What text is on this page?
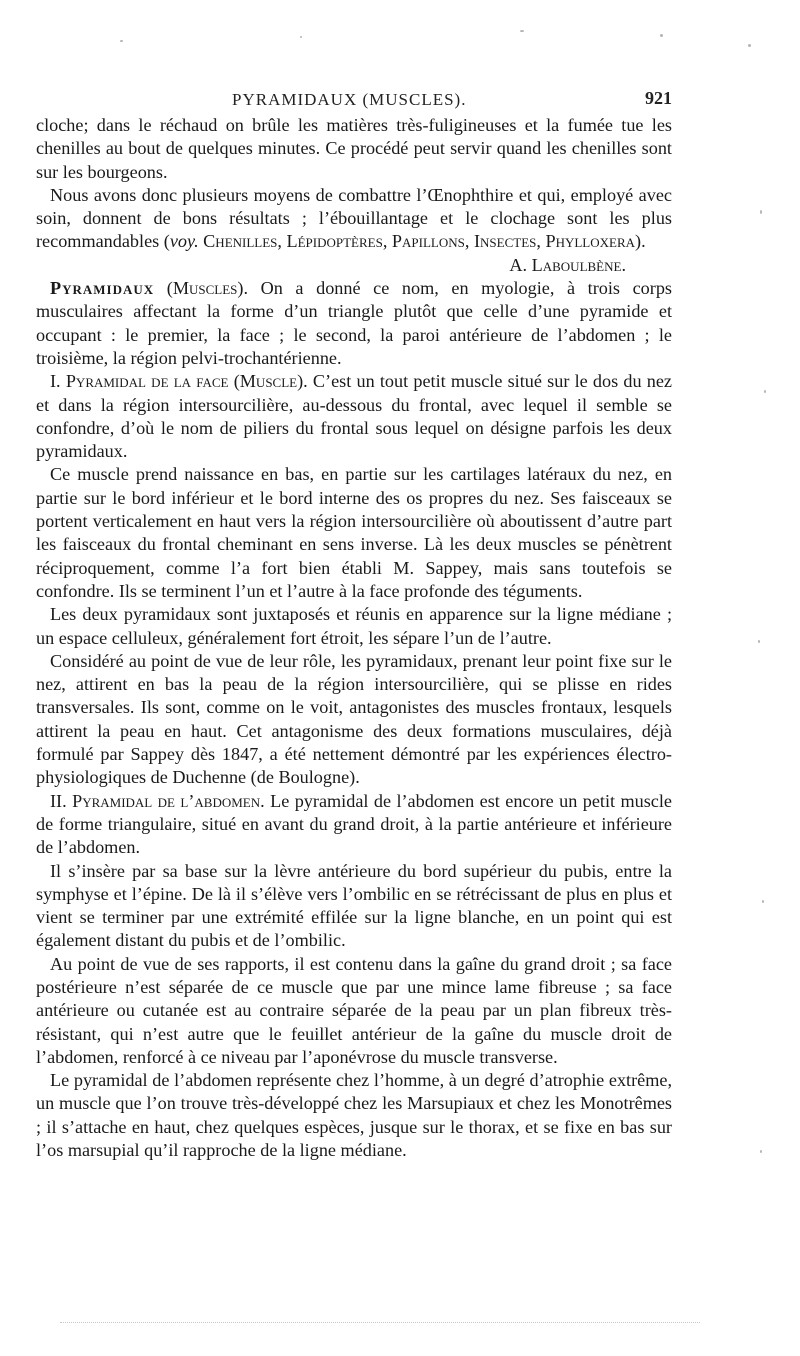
PYRAMIDAUX (MUSCLES).	921

cloche; dans le réchaud on brûle les matières très-fuligineuses et la fumée tue les chenilles au bout de quelques minutes. Ce procédé peut servir quand les chenilles sont sur les bourgeons.

Nous avons donc plusieurs moyens de combattre l’Œnophthire et qui, employé avec soin, donnent de bons résultats ; l’ébouillantage et le clochage sont les plus recommandables (voy. Chenilles, Lépidoptères, Papillons, Insectes, Phylloxera).

A. Laboulbène.

Pyramidaux (Muscles). On a donné ce nom, en myologie, à trois corps musculaires affectant la forme d’un triangle plutôt que celle d’une pyramide et occupant : le premier, la face ; le second, la paroi antérieure de l’abdomen ; le troisième, la région pelvi-trochantérienne.

I. Pyramidal de la face (Muscle). C’est un tout petit muscle situé sur le dos du nez et dans la région intersourcilière, au-dessous du frontal, avec lequel il semble se confondre, d’où le nom de piliers du frontal sous lequel on désigne parfois les deux pyramidaux.

Ce muscle prend naissance en bas, en partie sur les cartilages latéraux du nez, en partie sur le bord inférieur et le bord interne des os propres du nez. Ses faisceaux se portent verticalement en haut vers la région intersourcilière où aboutissent d’autre part les faisceaux du frontal cheminant en sens inverse. Là les deux muscles se pénètrent réciproquement, comme l’a fort bien établi M. Sappey, mais sans toutefois se confondre. Ils se terminent l’un et l’autre à la face profonde des téguments.

Les deux pyramidaux sont juxtaposés et réunis en apparence sur la ligne médiane ; un espace celluleux, généralement fort étroit, les sépare l’un de l’autre.

Considéré au point de vue de leur rôle, les pyramidaux, prenant leur point fixe sur le nez, attirent en bas la peau de la région intersourcilière, qui se plisse en rides transversales. Ils sont, comme on le voit, antagonistes des muscles frontaux, lesquels attirent la peau en haut. Cet antagonisme des deux formations musculaires, déjà formulé par Sappey dès 1847, a été nettement démontré par les expériences électro-physiologiques de Duchenne (de Boulogne).

II. Pyramidal de l’abdomen. Le pyramidal de l’abdomen est encore un petit muscle de forme triangulaire, situé en avant du grand droit, à la partie antérieure et inférieure de l’abdomen.

Il s’insère par sa base sur la lèvre antérieure du bord supérieur du pubis, entre la symphyse et l’épine. De là il s’élève vers l’ombilic en se rétrécissant de plus en plus et vient se terminer par une extrémité effilée sur la ligne blanche, en un point qui est également distant du pubis et de l’ombilic.

Au point de vue de ses rapports, il est contenu dans la gaîne du grand droit ; sa face postérieure n’est séparée de ce muscle que par une mince lame fibreuse ; sa face antérieure ou cutanée est au contraire séparée de la peau par un plan fibreux très-résistant, qui n’est autre que le feuillet antérieur de la gaîne du muscle droit de l’abdomen, renforcé à ce niveau par l’aponévrose du muscle transverse.

Le pyramidal de l’abdomen représente chez l’homme, à un degré d’atrophie extrême, un muscle que l’on trouve très-développé chez les Marsupiaux et chez les Monotrêmes ; il s’attache en haut, chez quelques espèces, jusque sur le thorax, et se fixe en bas sur l’os marsupial qu’il rapproche de la ligne médiane.
